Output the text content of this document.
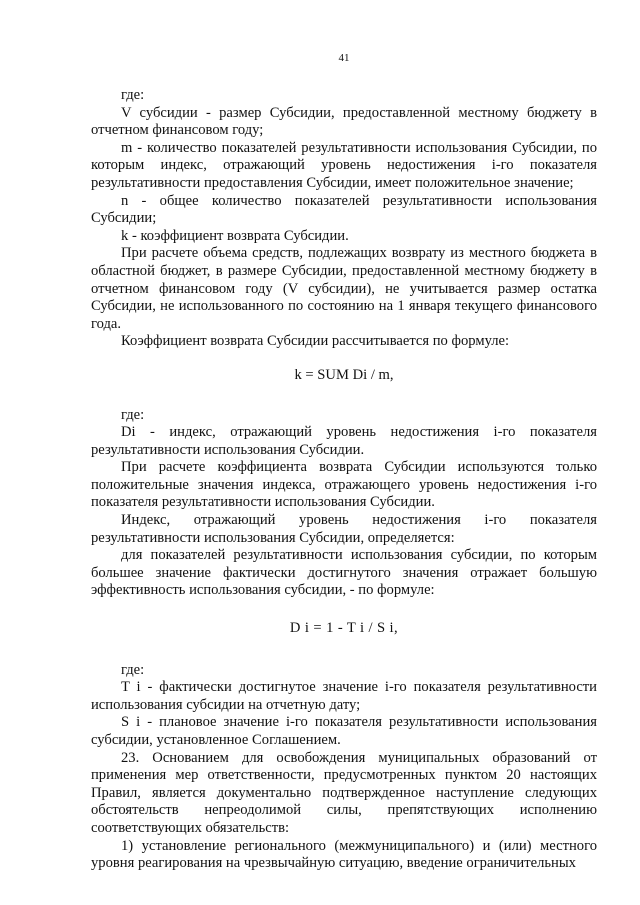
41

где:

V субсидии - размер Субсидии, предоставленной местному бюджету в отчетном финансовом году;

m - количество показателей результативности использования Субсидии, по которым индекс, отражающий уровень недостижения i-го показателя результативности предоставления Субсидии, имеет положительное значение;

n - общее количество показателей результативности использования Субсидии;

k - коэффициент возврата Субсидии.

При расчете объема средств, подлежащих возврату из местного бюджета в областной бюджет, в размере Субсидии, предоставленной местному бюджету в отчетном финансовом году (V субсидии), не учитывается размер остатка Субсидии, не использованного по состоянию на 1 января текущего финансового года.

Коэффициент возврата Субсидии рассчитывается по формуле:

k = SUM Di / m,

где:

Di - индекс, отражающий уровень недостижения i-го показателя результативности использования Субсидии.

При расчете коэффициента возврата Субсидии используются только положительные значения индекса, отражающего уровень недостижения i-го показателя результативности использования Субсидии.

Индекс, отражающий уровень недостижения i-го показателя результативности использования Субсидии, определяется:

для показателей результативности использования субсидии, по которым большее значение фактически достигнутого значения отражает большую эффективность использования субсидии, - по формуле:

D i = 1 - T i / S i,

где:

T i - фактически достигнутое значение i-го показателя результативности использования субсидии на отчетную дату;

S i - плановое значение i-го показателя результативности использования субсидии, установленное Соглашением.

23. Основанием для освобождения муниципальных образований от применения мер ответственности, предусмотренных пунктом 20 настоящих Правил, является документально подтвержденное наступление следующих обстоятельств непреодолимой силы, препятствующих исполнению соответствующих обязательств:

1) установление регионального (межмуниципального) и (или) местного уровня реагирования на чрезвычайную ситуацию, введение ограничительных
